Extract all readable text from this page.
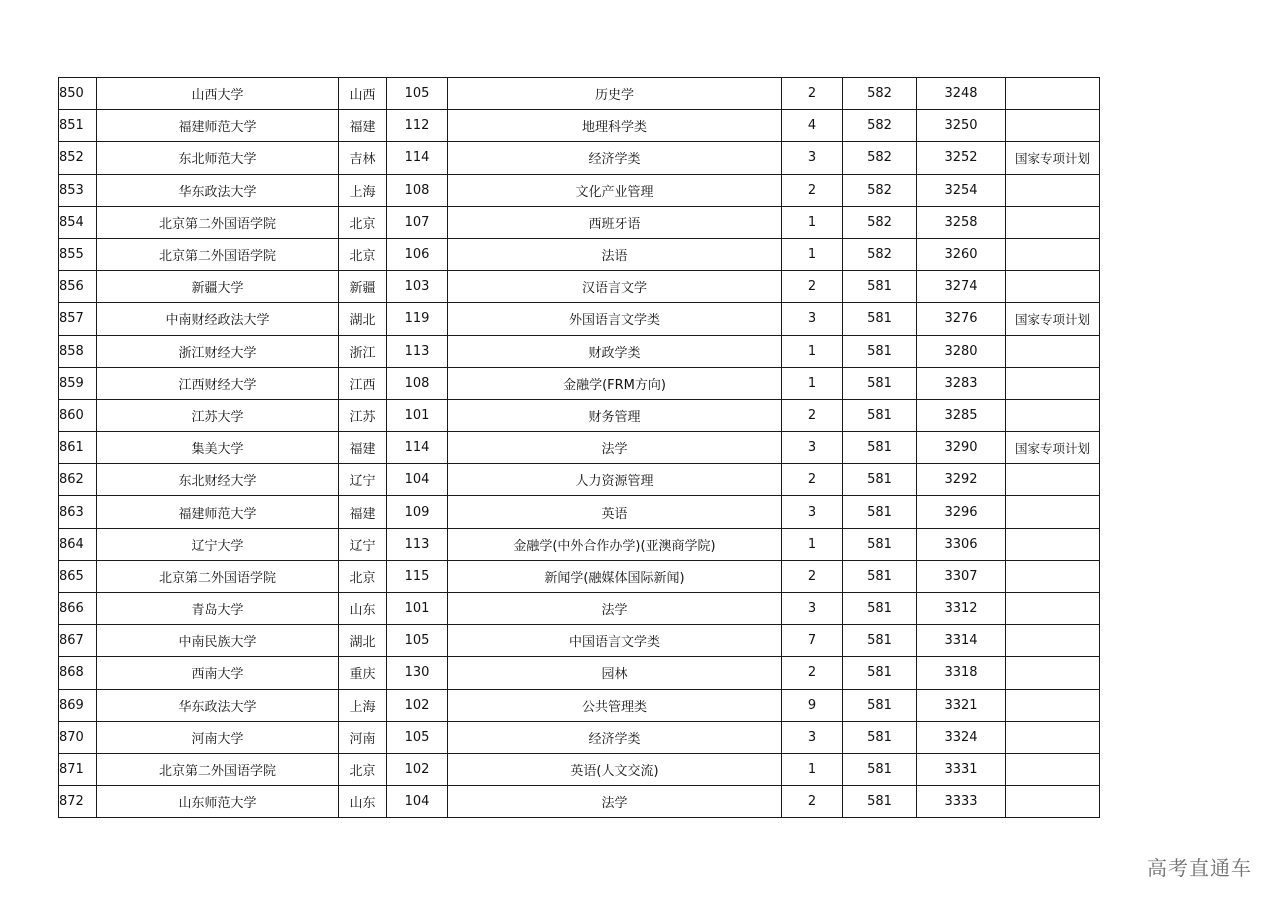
850	山西大学	山西	105	历史学	2	582	3248	
851	福建师范大学	福建	112	地理科学类	4	582	3250	
852	东北师范大学	吉林	114	经济学类	3	582	3252	国家专项计划
853	华东政法大学	上海	108	文化产业管理	2	582	3254	
854	北京第二外国语学院	北京	107	西班牙语	1	582	3258	
855	北京第二外国语学院	北京	106	法语	1	582	3260	
856	新疆大学	新疆	103	汉语言文学	2	581	3274	
857	中南财经政法大学	湖北	119	外国语言文学类	3	581	3276	国家专项计划
858	浙江财经大学	浙江	113	财政学类	1	581	3280	
859	江西财经大学	江西	108	金融学(FRM方向)	1	581	3283	
860	江苏大学	江苏	101	财务管理	2	581	3285	
861	集美大学	福建	114	法学	3	581	3290	国家专项计划
862	东北财经大学	辽宁	104	人力资源管理	2	581	3292	
863	福建师范大学	福建	109	英语	3	581	3296	
864	辽宁大学	辽宁	113	金融学(中外合作办学)(亚澳商学院)	1	581	3306	
865	北京第二外国语学院	北京	115	新闻学(融媒体国际新闻)	2	581	3307	
866	青岛大学	山东	101	法学	3	581	3312	
867	中南民族大学	湖北	105	中国语言文学类	7	581	3314	
868	西南大学	重庆	130	园林	2	581	3318	
869	华东政法大学	上海	102	公共管理类	9	581	3321	
870	河南大学	河南	105	经济学类	3	581	3324	
871	北京第二外国语学院	北京	102	英语(人文交流)	1	581	3331	
872	山东师范大学	山东	104	法学	2	581	3333	
高考直通车
